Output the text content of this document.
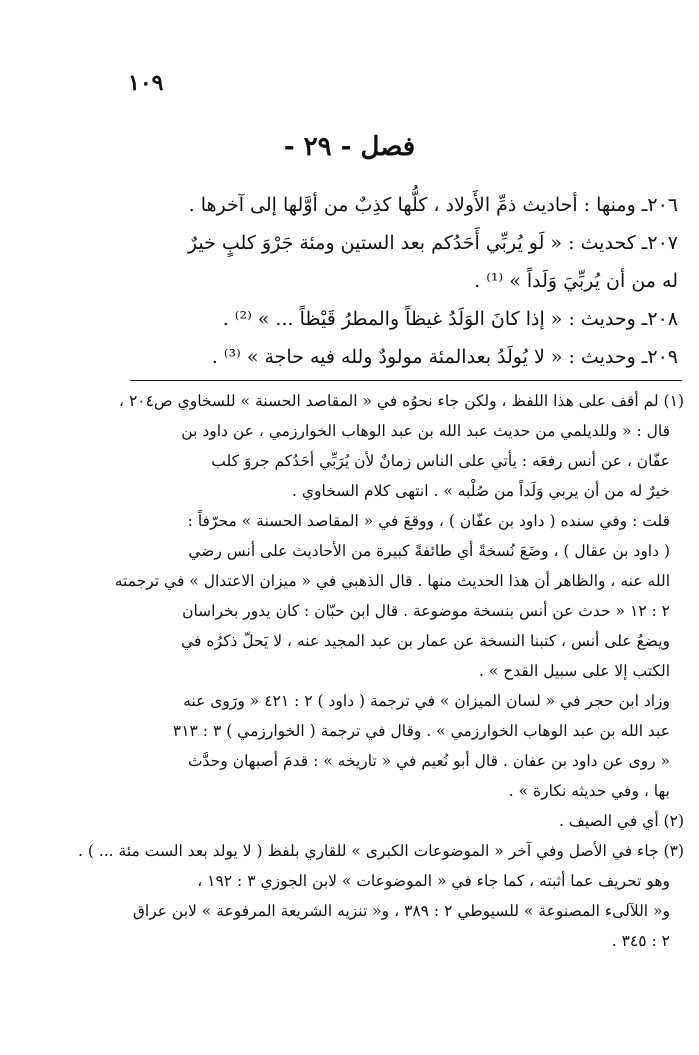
١٠٩
فصل - ٢٩ -

٢٠٦ـ ومنها : أحاديث ذمِّ الأَولاد ، كلُّها كذِبٌ من أوَّلها إلى آخرها .

٢٠٧ـ كحديث : « لَو يُربِّي أَحَدُكم بعد الستين ومئة جَرْوَ كلبٍ خيرٌ

له من أن يُربِّيَ وَلَداً » ⁽¹⁾ .

٢٠٨ـ وحديث : « إذا كانَ الوَلَدُ غيظاً والمطرُ قَيْظاً ... » ⁽²⁾ .

٢٠٩ـ وحديث : « لا يُولَدُ بعدالمئة مولودٌ ولله فيه حاجة » ⁽³⁾ .

(١) لم أقف على هذا اللفظ ، ولكن جاء نحوُه في « المقاصد الحسنة » للسخاوي ص٢٠٤ ،

قال : « وللديلمي من حديث عبد الله بن عبد الوهاب الخوارزمي ، عن داود بن

عفّان ، عن أنس رفعَه : يأتي على الناس زمانٌ لأن يُرَبِّي أحَدُكم جروَ كلب

خيرٌ له من أن يربي وَلَداً من صُلْبه » . انتهى كلام السخاوي .

قلت : وفي سنده ( داود بن عفّان ) ، ووقعَ في « المقاصد الحسنة » محرّفاً :

( داود بن عقال ) ، وضَعَ نُسخةً أي طائفةً كبيرة من الأحاديث على أنس رضي

الله عنه ، والظاهر أن هذا الحديث منها . قال الذهبي في « ميزان الاعتدال » في ترجمته

٢ : ١٢ « حدث عن أنس بنسخة موضوعة . قال ابن حبّان : كان يدور بخراسان

ويضعُ على أنس ، كتبنا النسخة عن عمار بن عبد المجيد عنه ، لا يَحلّ ذكرُه في

الكتب إلا على سبيل القدح » .

وزاد ابن حجر في « لسان الميزان » في ترجمة ( داود ) ٢ : ٤٢١ « ورَوى عنه

عبد الله بن عبد الوهاب الخوارزمي » . وقال في ترجمة ( الخوارزمي ) ٣ : ٣١٣

« روى عن داود بن عفان . قال أبو نُعيم في « تاريخه » : قدمَ أصبهان وحدَّث

بها ، وفي حديثه نكارة » .

(٢) أي في الصيف .

(٣) جاء في الأصل وفي آخر « الموضوعات الكبرى » للقاري بلفظ ( لا يولد بعد الست مئة ... ) .

وهو تحريف عما أثبته ، كما جاء في « الموضوعات » لابن الجوزي ٣ : ١٩٢ ،

و« اللآلىء المصنوعة » للسيوطي ٢ : ٣٨٩ ، و« تنزيه الشريعة المرفوعة » لابن عراق

٢ : ٣٤٥ .
